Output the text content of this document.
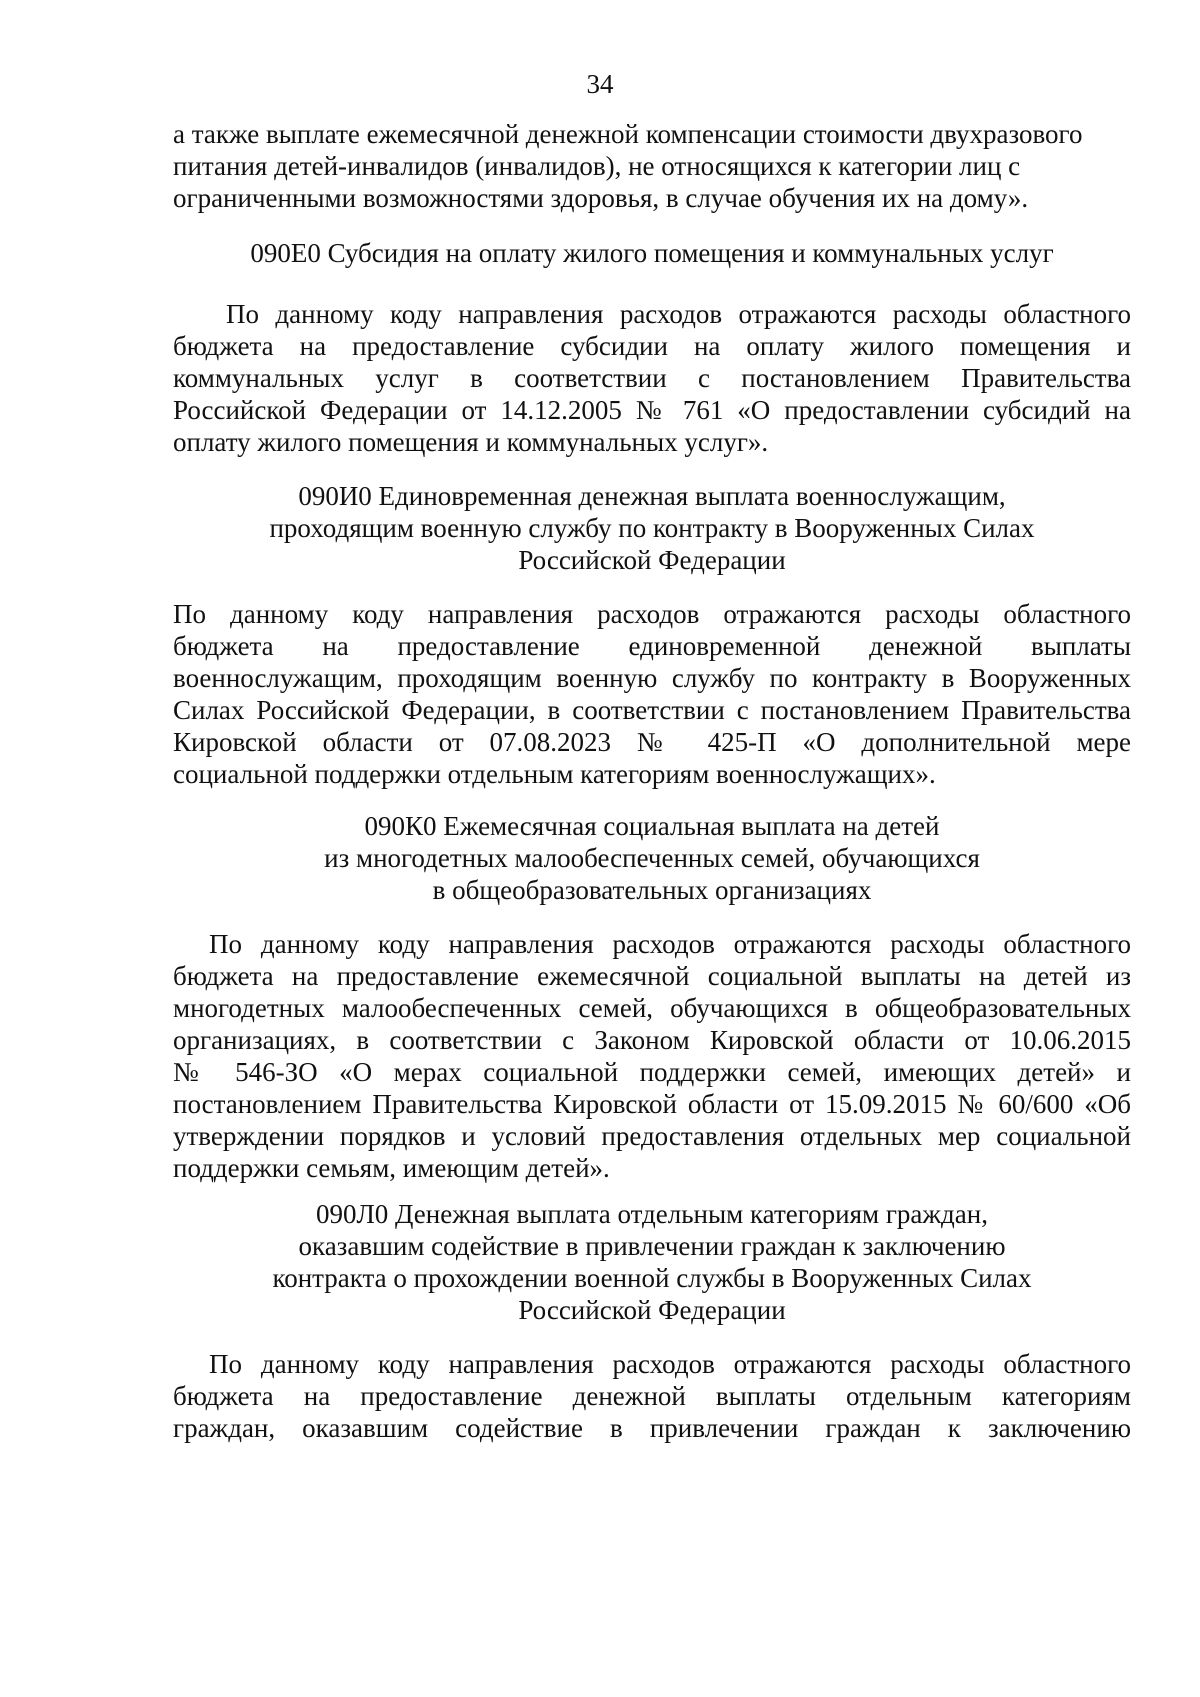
34
а также выплате ежемесячной денежной компенсации стоимости двухразового
питания детей-инвалидов (инвалидов), не относящихся к категории лиц с
ограниченными возможностями здоровья, в случае обучения их на дому».
090Е0 Субсидия на оплату жилого помещения и коммунальных услуг
По данному коду направления расходов отражаются расходы областного
бюджета на предоставление субсидии на оплату жилого помещения и
коммунальных услуг в соответствии с постановлением Правительства
Российской Федерации от 14.12.2005 № 761 «О предоставлении субсидий на
оплату жилого помещения и коммунальных услуг».
090И0 Единовременная денежная выплата военнослужащим,
проходящим военную службу по контракту в Вооруженных Силах
Российской Федерации
По данному коду направления расходов отражаются расходы областного
бюджета на предоставление единовременной денежной выплаты
военнослужащим, проходящим военную службу по контракту в Вооруженных
Силах Российской Федерации, в соответствии с постановлением Правительства
Кировской области от 07.08.2023 № 425-П «О дополнительной мере
социальной поддержки отдельным категориям военнослужащих».
090К0 Ежемесячная социальная выплата на детей
из многодетных малообеспеченных семей, обучающихся
в общеобразовательных организациях
По данному коду направления расходов отражаются расходы областного
бюджета на предоставление ежемесячной социальной выплаты на детей из
многодетных малообеспеченных семей, обучающихся в общеобразовательных
организациях, в соответствии с Законом Кировской области от 10.06.2015
№ 546-ЗО «О мерах социальной поддержки семей, имеющих детей» и
постановлением Правительства Кировской области от 15.09.2015 № 60/600 «Об
утверждении порядков и условий предоставления отдельных мер социальной
поддержки семьям, имеющим детей».
090Л0 Денежная выплата отдельным категориям граждан,
оказавшим содействие в привлечении граждан к заключению
контракта о прохождении военной службы в Вооруженных Силах
Российской Федерации
По данному коду направления расходов отражаются расходы областного
бюджета на предоставление денежной выплаты отдельным категориям
граждан, оказавшим содействие в привлечении граждан к заключению
